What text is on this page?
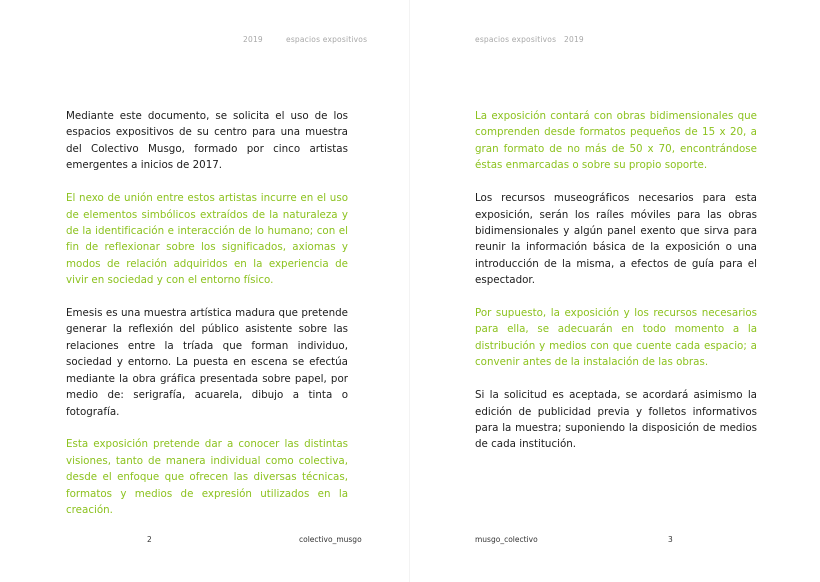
2019	espacios expositivos

Mediante este documento, se solicita el uso de los espacios expositivos de su centro para una muestra del Colectivo Musgo, formado por cinco artistas emergentes a inicios de 2017.

El nexo de unión entre estos artistas incurre en el uso de elementos simbólicos extraídos de la naturaleza y de la identificación e interacción de lo humano; con el fin de reflexionar sobre los significados, axiomas y modos de relación adquiridos en la experiencia de vivir en sociedad y con el entorno físico.

Emesis es una muestra artística madura que pretende generar la reflexión del público asistente sobre las relaciones entre la tríada que forman individuo, sociedad y entorno. La puesta en escena se efectúa mediante la obra gráfica presentada sobre papel, por medio de: serigrafía, acuarela, dibujo a tinta o fotografía.

Esta exposición pretende dar a conocer las distintas visiones, tanto de manera individual como colectiva, desde el enfoque que ofrecen las diversas técnicas, formatos y medios de expresión utilizados en la creación.

2	colectivo_musgo
espacios expositivos 2019

La exposición contará con obras bidimensionales que comprenden desde formatos pequeños de 15 x 20, a gran formato de no más de 50 x 70, encontrándose éstas enmarcadas o sobre su propio soporte.

Los recursos museográficos necesarios para esta exposición, serán los raíles móviles para las obras bidimensionales y algún panel exento que sirva para reunir la información básica de la exposición o una introducción de la misma, a efectos de guía para el espectador.

Por supuesto, la exposición y los recursos necesarios para ella, se adecuarán en todo momento a la distribución y medios con que cuente cada espacio; a convenir antes de la instalación de las obras.

Si la solicitud es aceptada, se acordará asimismo la edición de publicidad previa y folletos informativos para la muestra; suponiendo la disposición de medios de cada institución.

musgo_colectivo	3
